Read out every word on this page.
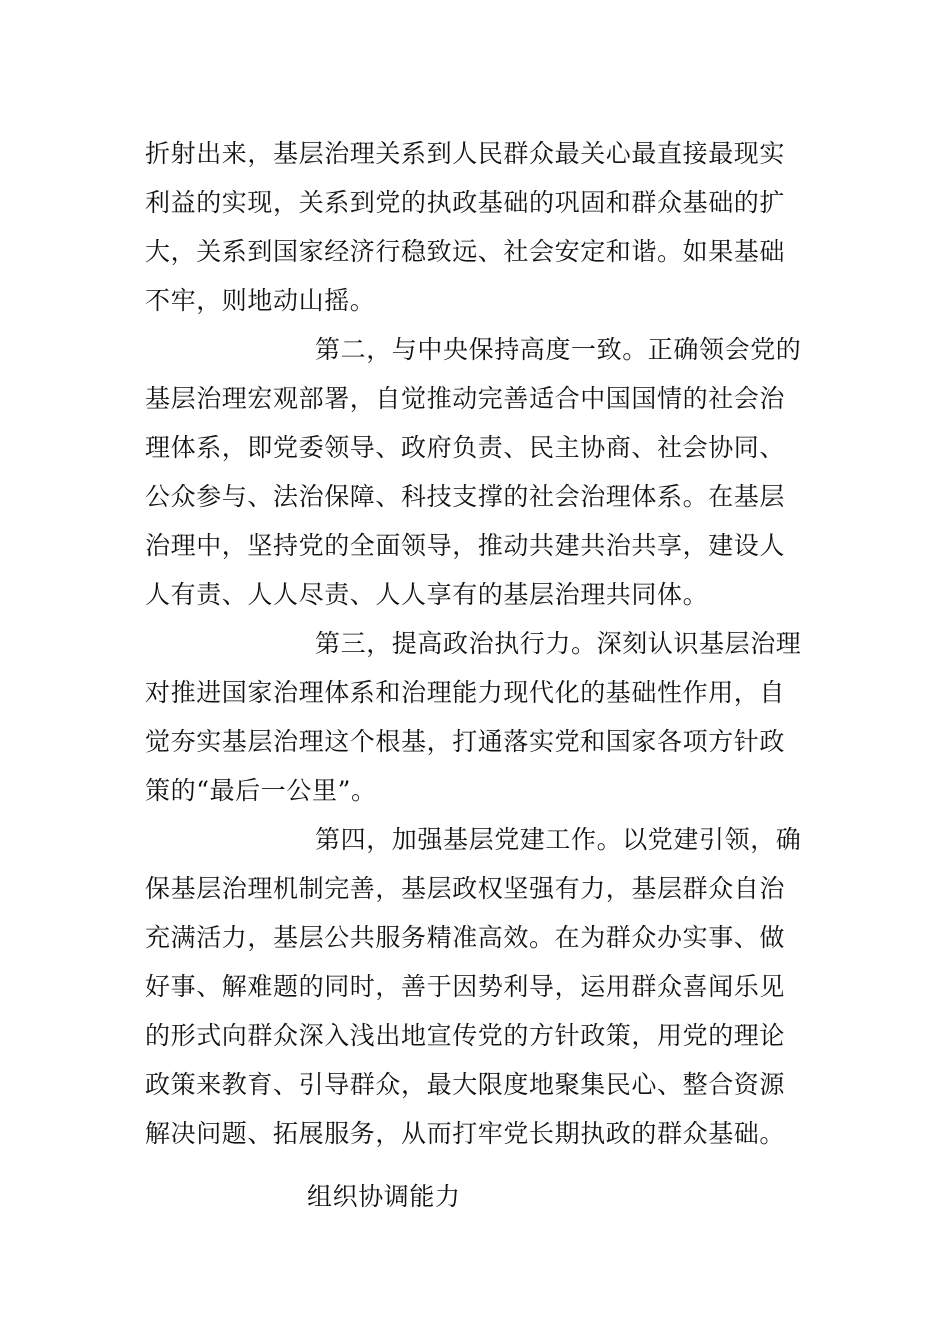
折射出来，基层治理关系到人民群众最关心最直接最现实
利益的实现，关系到党的执政基础的巩固和群众基础的扩
大，关系到国家经济行稳致远、社会安定和谐。如果基础
不牢，则地动山摇。
第二，与中央保持高度一致。正确领会党的
基层治理宏观部署，自觉推动完善适合中国国情的社会治
理体系，即党委领导、政府负责、民主协商、社会协同、
公众参与、法治保障、科技支撑的社会治理体系。在基层
治理中，坚持党的全面领导，推动共建共治共享，建设人
人有责、人人尽责、人人享有的基层治理共同体。
第三，提高政治执行力。深刻认识基层治理
对推进国家治理体系和治理能力现代化的基础性作用，自
觉夯实基层治理这个根基，打通落实党和国家各项方针政
策的“最后一公里”。
第四，加强基层党建工作。以党建引领，确
保基层治理机制完善，基层政权坚强有力，基层群众自治
充满活力，基层公共服务精准高效。在为群众办实事、做
好事、解难题的同时，善于因势利导，运用群众喜闻乐见
的形式向群众深入浅出地宣传党的方针政策，用党的理论
政策来教育、引导群众，最大限度地聚集民心、整合资源
解决问题、拓展服务，从而打牢党长期执政的群众基础。
组织协调能力
